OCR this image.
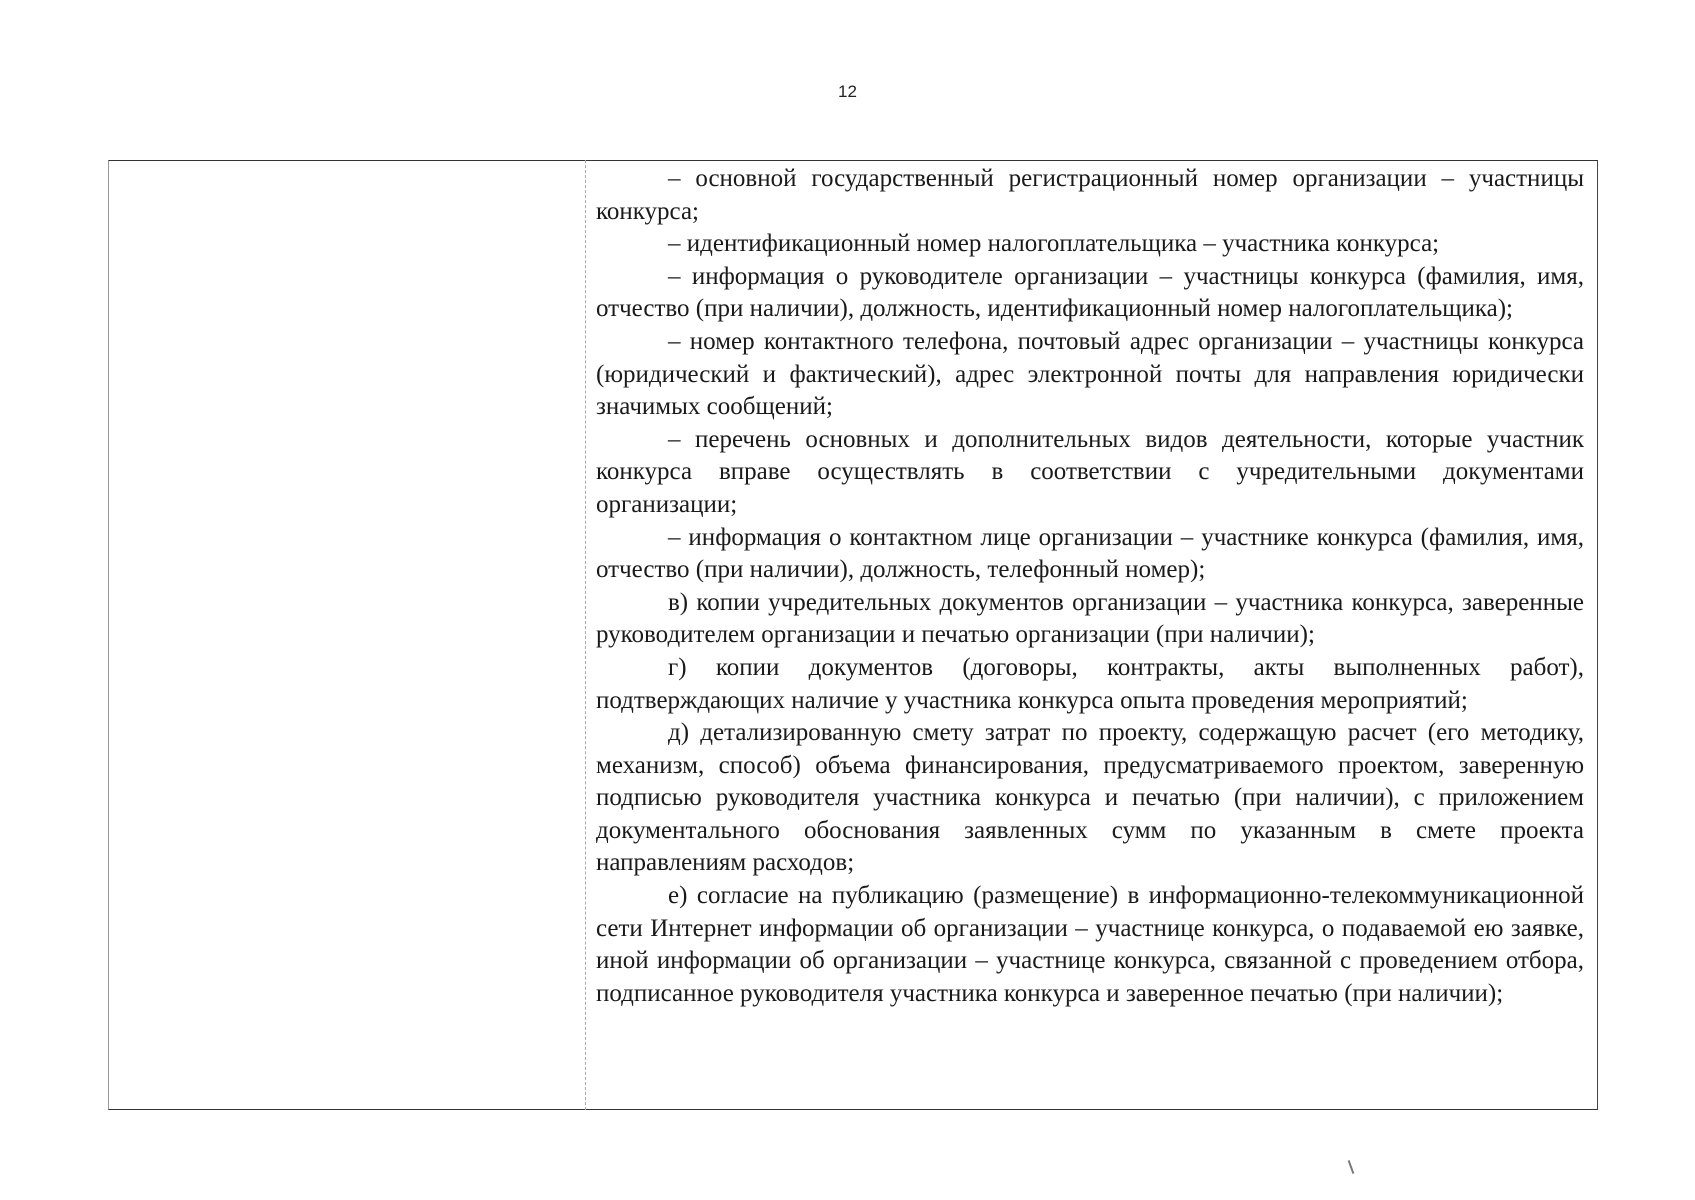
12

– основной государственный регистрационный номер организации – участницы конкурса;

– идентификационный номер налогоплательщика – участника конкурса;

– информация о руководителе организации – участницы конкурса (фамилия, имя, отчество (при наличии), должность, идентификационный номер налогоплательщика);

– номер контактного телефона, почтовый адрес организации – участницы конкурса (юридический и фактический), адрес электронной почты для направления юридически значимых сообщений;

– перечень основных и дополнительных видов деятельности, которые участник конкурса вправе осуществлять в соответствии с учредительными документами организации;

– информация о контактном лице организации – участнике конкурса (фамилия, имя, отчество (при наличии), должность, телефонный номер);

в) копии учредительных документов организации – участника конкурса, заверенные руководителем организации и печатью организации (при наличии);

г) копии документов (договоры, контракты, акты выполненных работ), подтверждающих наличие у участника конкурса опыта проведения мероприятий;

д) детализированную смету затрат по проекту, содержащую расчет (его методику, механизм, способ) объема финансирования, предусматриваемого проектом, заверенную подписью руководителя участника конкурса и печатью (при наличии), с приложением документального обоснования заявленных сумм по указанным в смете проекта направлениям расходов;

е) согласие на публикацию (размещение) в информационно-телекоммуникационной сети Интернет информации об организации – участнице конкурса, о подаваемой ею заявке, иной информации об организации – участнице конкурса, связанной с проведением отбора, подписанное руководителя участника конкурса и заверенное печатью (при наличии);
